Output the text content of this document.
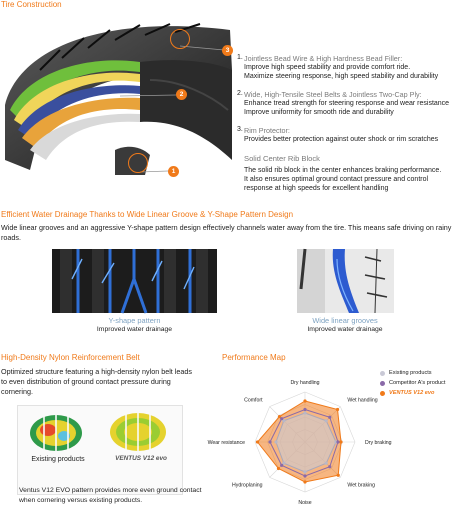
Tire Construction
3
2
1
1. Jointless Bead Wire & High Hardness Bead Filler:
Improve high speed stability and provide comfort ride.
Maximize steering response, high speed stability and durability
2. Wide, High-Tensile Steel Belts & Jointless Two-Cap Ply:
Enhance tread strength for steering response and wear resistance
Improve uniformity for smooth ride and durability
3. Rim Protector:
Provides better protection against outer shock or rim scratches
Solid Center Rib Block
The solid rib block in the center enhances braking performance.
It also ensures optimal ground contact pressure and control
response at high speeds for excellent handling
Efficient Water Drainage Thanks to Wide Linear Groove & Y-Shape Pattern Design
Wide linear grooves and an aggressive Y-shape pattern design effectively channels water away from the tire. This means safe driving on rainy roads.
Y-shape pattern
Improved water drainage
Wide linear grooves
Improved water drainage
High-Density Nylon Reinforcement Belt
Optimized structure featuring a high-density nylon belt leads to even distribution of ground contact pressure during cornering.
Existing products	VENTUS V12 evo
Ventus V12 EVO pattern provides more even ground contact when cornering versus existing products.
Performance Map
Existing products
Competitor A's product
VENTUS V12 evo
Dry handling
Wet handling
Dry braking
Wet braking
Noise
Hydroplaning
Wear resistance
Comfort
